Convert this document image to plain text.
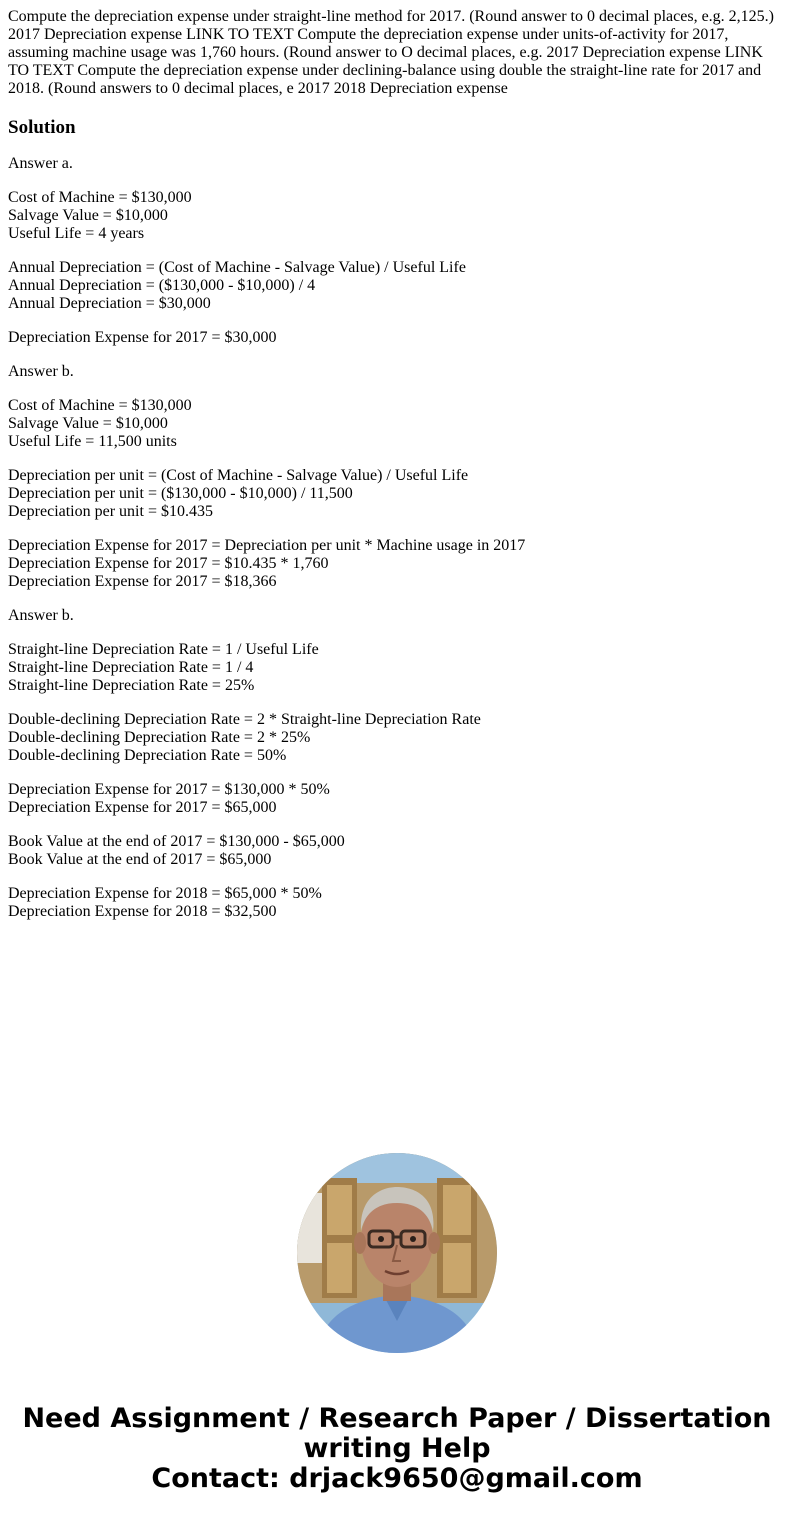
Compute the depreciation expense under straight-line method for 2017. (Round answer to 0 decimal places, e.g. 2,125.) 2017 Depreciation expense LINK TO TEXT Compute the depreciation expense under units-of-activity for 2017, assuming machine usage was 1,760 hours. (Round answer to O decimal places, e.g. 2017 Depreciation expense LINK TO TEXT Compute the depreciation expense under declining-balance using double the straight-line rate for 2017 and 2018. (Round answers to 0 decimal places, e 2017 2018 Depreciation expense

Solution

Answer a.

Cost of Machine = $130,000
Salvage Value = $10,000
Useful Life = 4 years

Annual Depreciation = (Cost of Machine - Salvage Value) / Useful Life
Annual Depreciation = ($130,000 - $10,000) / 4
Annual Depreciation = $30,000

Depreciation Expense for 2017 = $30,000

Answer b.

Cost of Machine = $130,000
Salvage Value = $10,000
Useful Life = 11,500 units

Depreciation per unit = (Cost of Machine - Salvage Value) / Useful Life
Depreciation per unit = ($130,000 - $10,000) / 11,500
Depreciation per unit = $10.435

Depreciation Expense for 2017 = Depreciation per unit * Machine usage in 2017
Depreciation Expense for 2017 = $10.435 * 1,760
Depreciation Expense for 2017 = $18,366

Answer b.

Straight-line Depreciation Rate = 1 / Useful Life
Straight-line Depreciation Rate = 1 / 4
Straight-line Depreciation Rate = 25%

Double-declining Depreciation Rate = 2 * Straight-line Depreciation Rate
Double-declining Depreciation Rate = 2 * 25%
Double-declining Depreciation Rate = 50%

Depreciation Expense for 2017 = $130,000 * 50%
Depreciation Expense for 2017 = $65,000

Book Value at the end of 2017 = $130,000 - $65,000
Book Value at the end of 2017 = $65,000

Depreciation Expense for 2018 = $65,000 * 50%
Depreciation Expense for 2018 = $32,500

Need Assignment / Research Paper / Dissertation
writing Help
Contact: drjack9650@gmail.com
